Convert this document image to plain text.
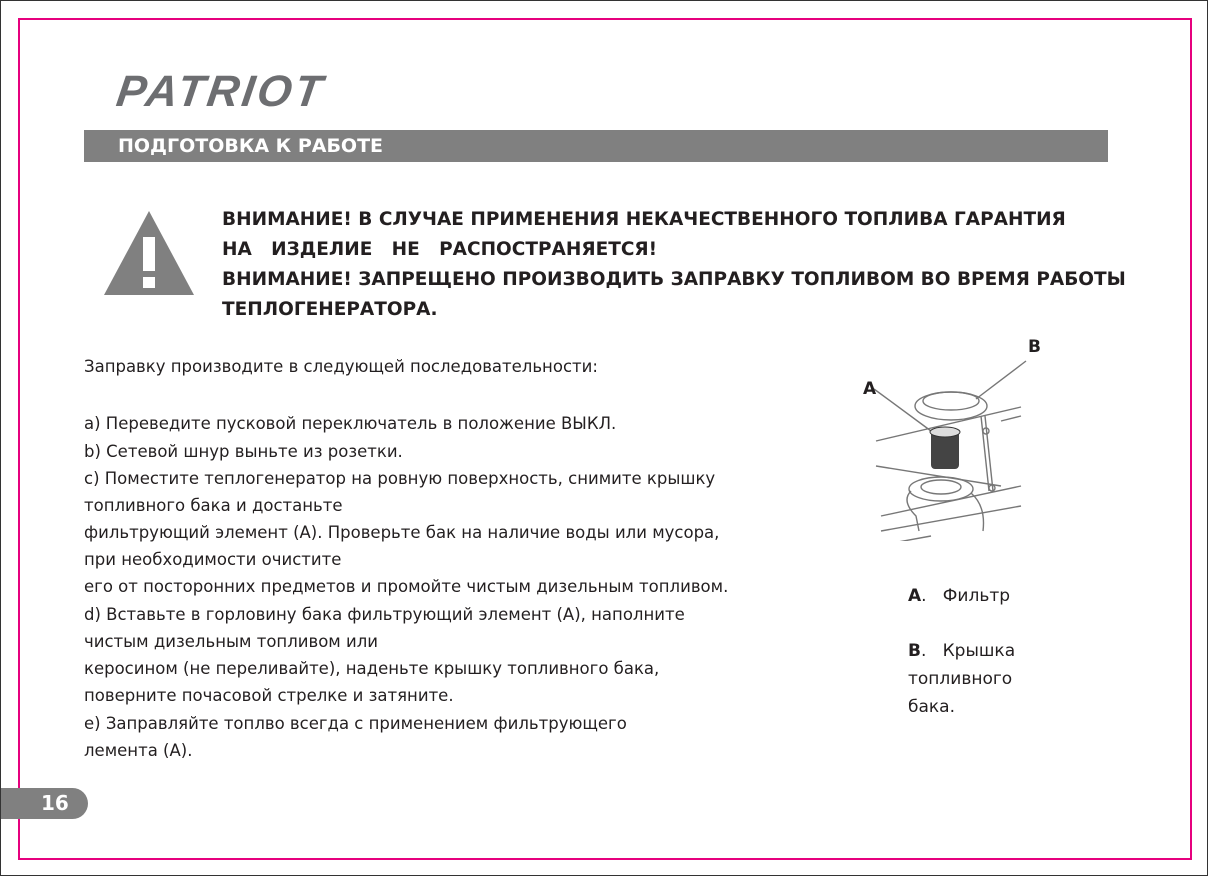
PATRIOT
ПОДГОТОВКА К РАБОТЕ
ВНИМАНИЕ! В СЛУЧАЕ ПРИМЕНЕНИЯ НЕКАЧЕСТВЕННОГО ТОПЛИВА ГАРАНТИЯ
НА   ИЗДЕЛИЕ   НЕ   РАСПОСТРАНЯЕТСЯ!
ВНИМАНИЕ! ЗАПРЕЩЕНО ПРОИЗВОДИТЬ ЗАПРАВКУ ТОПЛИВОМ ВО ВРЕМЯ РАБОТЫ
ТЕПЛОГЕНЕРАТОРА.
Заправку производите в следующей последовательности:
а) Переведите пусковой переключатель в положение ВЫКЛ.
b) Сетевой шнур выньте из розетки.
с) Поместите теплогенератор на ровную поверхность, снимите крышку
топливного бака и достаньте
фильтрующий элемент (А). Проверьте бак на наличие воды или мусора,
при необходимости очистите
его от посторонних предметов и промойте чистым дизельным топливом.
d) Вставьте в горловину бака фильтрующий элемент (А), наполните
чистым дизельным топливом или
керосином (не переливайте), наденьте крышку топливного бака,
поверните почасовой стрелке и затяните.
е) Заправляйте топлво всегда с применением фильтрующего
лемента (А).
A
B
A.   Фильтр
B.   Крышка
топливного
бака.
16
